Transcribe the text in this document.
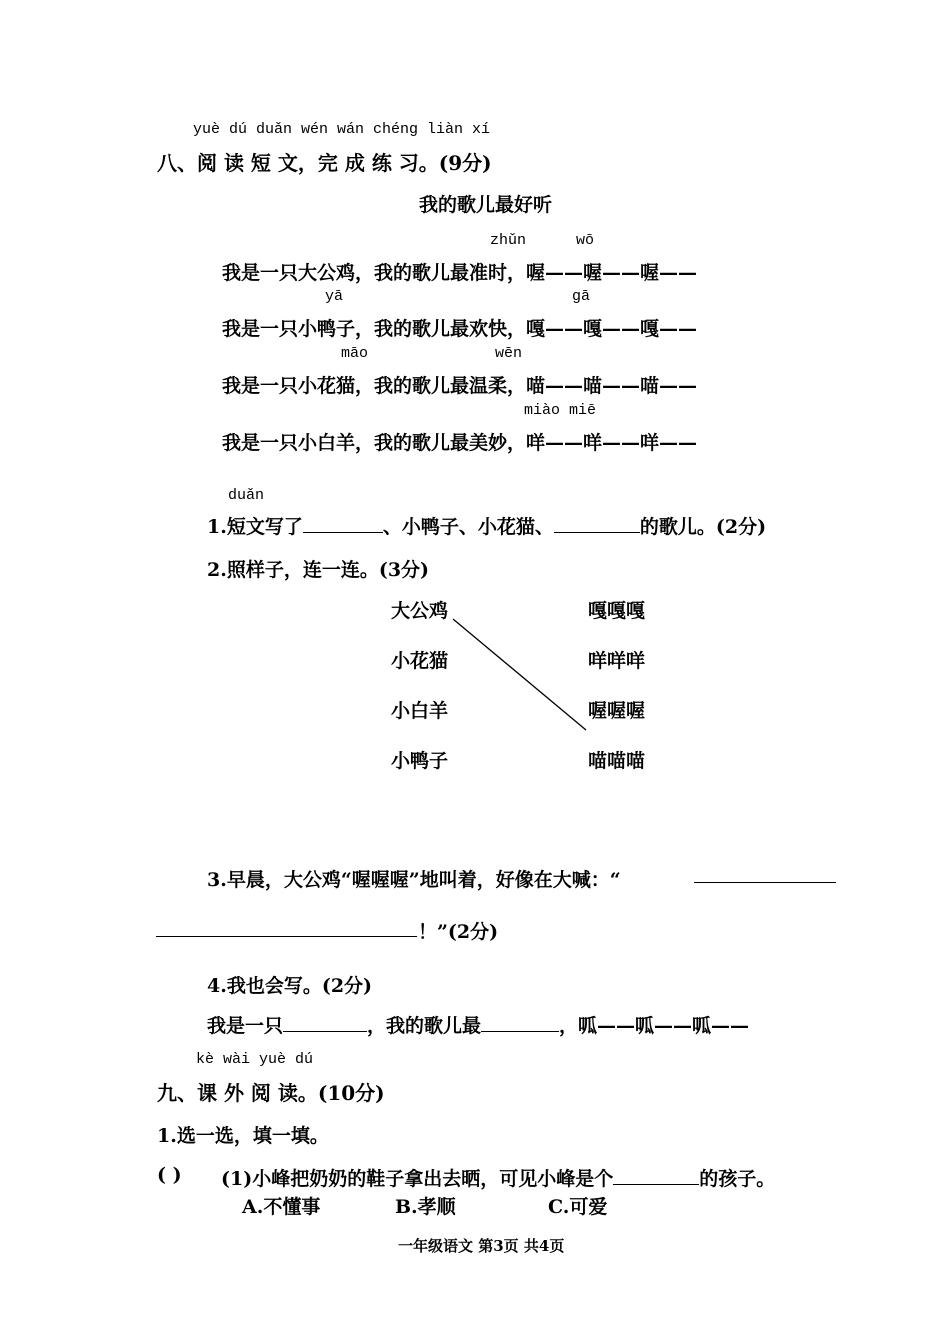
yuè dú duǎn wén wán chéng liàn xí
八、阅 读 短 文，完 成 练 习。(9分)
我的歌儿最好听
zhǔn	wō
我是一只大公鸡，我的歌儿最准时，喔——喔——喔——
yā	gā
我是一只小鸭子，我的歌儿最欢快，嘎——嘎——嘎——
māo	wēn
我是一只小花猫，我的歌儿最温柔，喵——喵——喵——
miào miē
我是一只小白羊，我的歌儿最美妙，咩——咩——咩——
duǎn
1.短文写了	、小鸭子、小花猫、	的歌儿。(2分)
2.照样子，连一连。(3分)
大公鸡
小花猫
小白羊
小鸭子
嘎嘎嘎
咩咩咩
喔喔喔
喵喵喵
3.早晨，大公鸡“喔喔喔”地叫着，好像在大喊：“
！”(2分)
4.我也会写。(2分)
我是一只	，我的歌儿最	，呱——呱——呱——
kè wài yuè dú
九、课 外 阅 读。(10分)
1.选一选，填一填。
( ) (1)小峰把奶奶的鞋子拿出去晒，可见小峰是个	的孩子。
A.不懂事	B.孝顺	C.可爱
一年级语文 第3页 共4页
